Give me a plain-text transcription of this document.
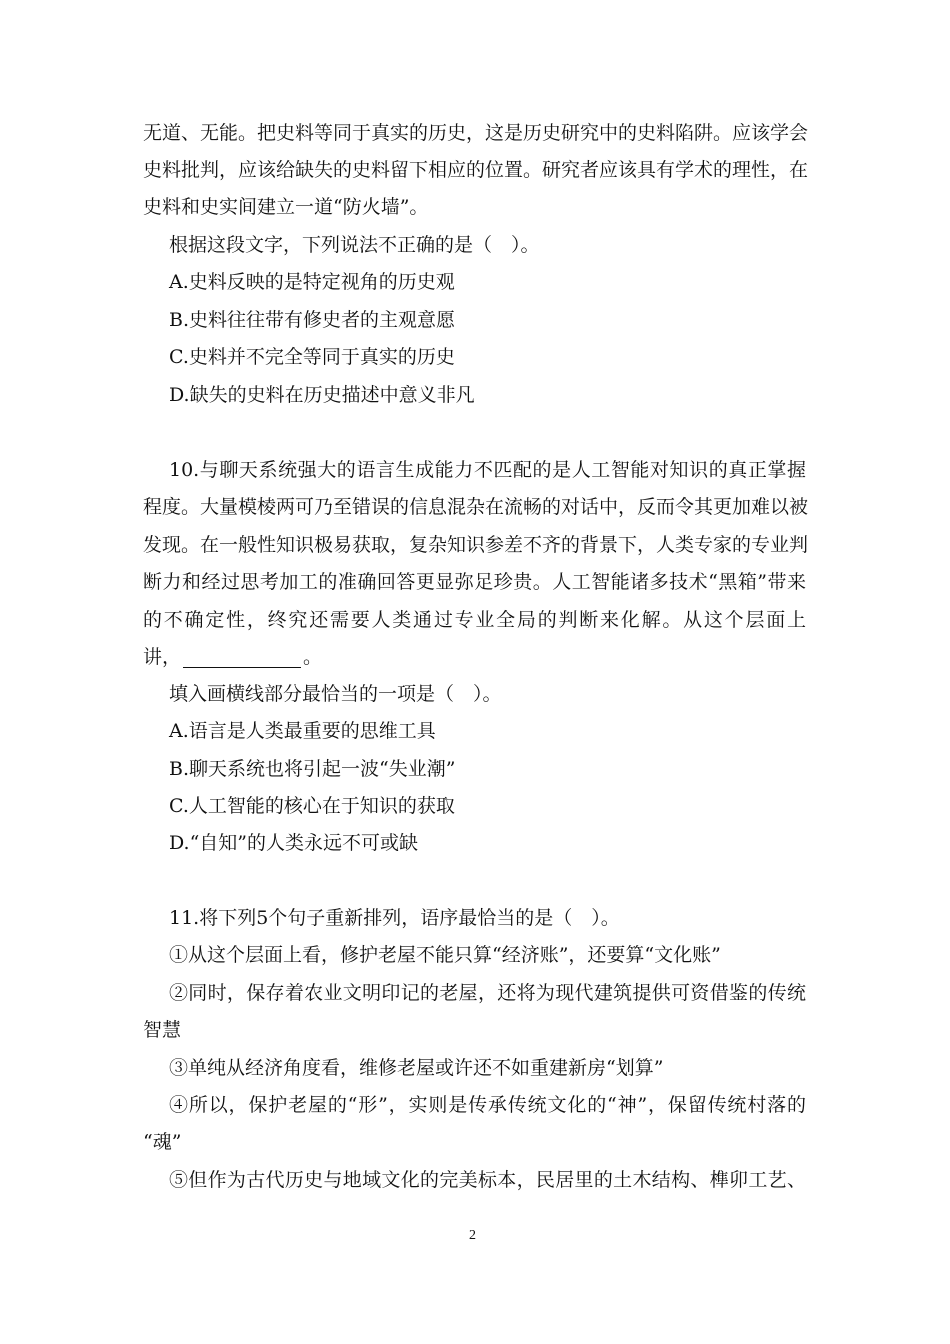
无道、无能。把史料等同于真实的历史，这是历史研究中的史料陷阱。应该学会
史料批判，应该给缺失的史料留下相应的位置。研究者应该具有学术的理性，在
史料和史实间建立一道“防火墙”。
根据这段文字，下列说法不正确的是（　）。
A.史料反映的是特定视角的历史观
B.史料往往带有修史者的主观意愿
C.史料并不完全等同于真实的历史
D.缺失的史料在历史描述中意义非凡
10.与聊天系统强大的语言生成能力不匹配的是人工智能对知识的真正掌握
程度。大量模棱两可乃至错误的信息混杂在流畅的对话中，反而令其更加难以被
发现。在一般性知识极易获取，复杂知识参差不齐的背景下，人类专家的专业判
断力和经过思考加工的准确回答更显弥足珍贵。人工智能诸多技术“黑箱”带来
的不确定性，终究还需要人类通过专业全局的判断来化解。从这个层面上
讲，	。
填入画横线部分最恰当的一项是（　）。
A.语言是人类最重要的思维工具
B.聊天系统也将引起一波“失业潮”
C.人工智能的核心在于知识的获取
D.“自知”的人类永远不可或缺
11.将下列5个句子重新排列，语序最恰当的是（　）。
①从这个层面上看，修护老屋不能只算“经济账”，还要算“文化账”
②同时，保存着农业文明印记的老屋，还将为现代建筑提供可资借鉴的传统
智慧
③单纯从经济角度看，维修老屋或许还不如重建新房“划算”
④所以，保护老屋的“形”，实则是传承传统文化的“神”，保留传统村落的
“魂”
⑤但作为古代历史与地域文化的完美标本，民居里的土木结构、榫卯工艺、
2
